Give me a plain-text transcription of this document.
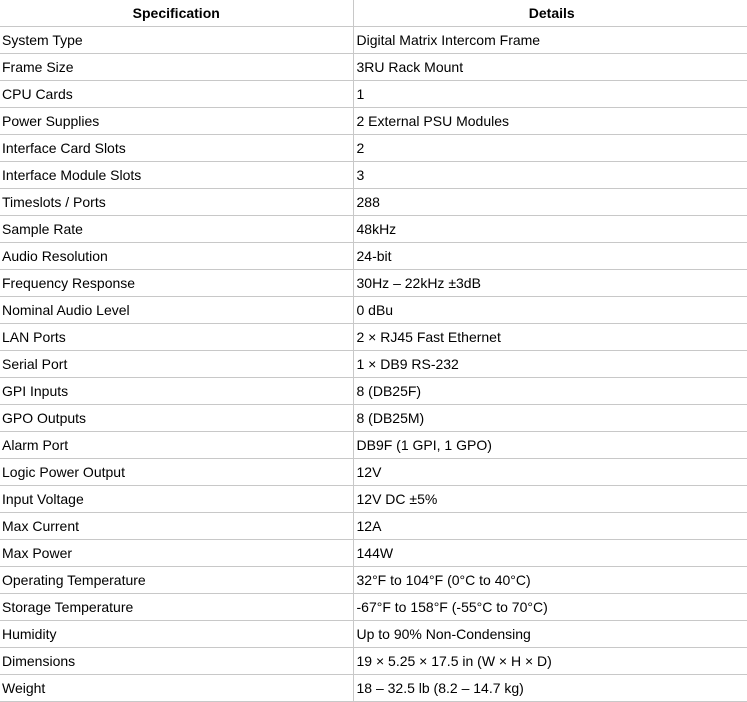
Specification	Details
System Type	Digital Matrix Intercom Frame
Frame Size	3RU Rack Mount
CPU Cards	1
Power Supplies	2 External PSU Modules
Interface Card Slots	2
Interface Module Slots	3
Timeslots / Ports	288
Sample Rate	48kHz
Audio Resolution	24-bit
Frequency Response	30Hz – 22kHz ±3dB
Nominal Audio Level	0 dBu
LAN Ports	2 × RJ45 Fast Ethernet
Serial Port	1 × DB9 RS-232
GPI Inputs	8 (DB25F)
GPO Outputs	8 (DB25M)
Alarm Port	DB9F (1 GPI, 1 GPO)
Logic Power Output	12V
Input Voltage	12V DC ±5%
Max Current	12A
Max Power	144W
Operating Temperature	32°F to 104°F (0°C to 40°C)
Storage Temperature	-67°F to 158°F (-55°C to 70°C)
Humidity	Up to 90% Non-Condensing
Dimensions	19 × 5.25 × 17.5 in (W × H × D)
Weight	18 – 32.5 lb (8.2 – 14.7 kg)
